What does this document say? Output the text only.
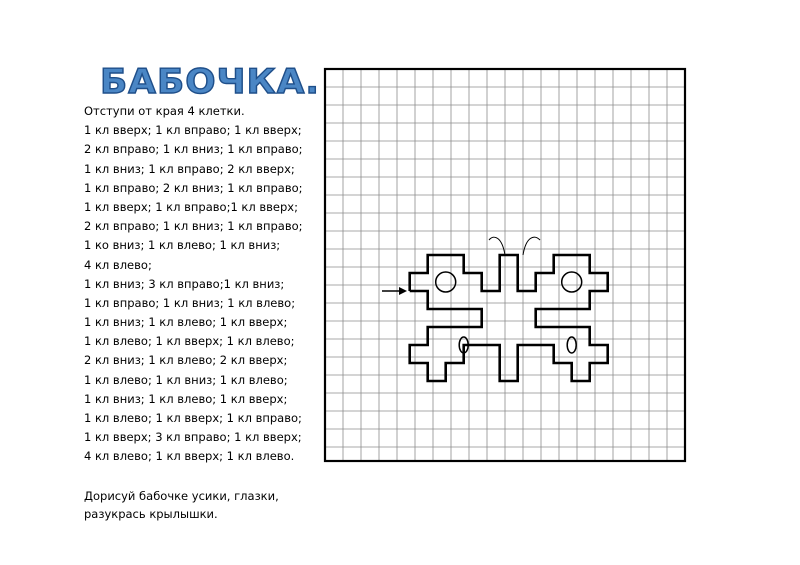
БАБОЧКА.
Отступи от края 4 клетки.
1 кл вверх; 1 кл вправо; 1 кл вверх;
2 кл вправо; 1 кл вниз; 1 кл вправо;
1 кл вниз; 1 кл вправо; 2 кл вверх;
1 кл вправо; 2 кл вниз; 1 кл вправо;
1 кл вверх; 1 кл вправо;1 кл вверх;
2 кл вправо; 1 кл вниз; 1 кл вправо;
1 ко вниз; 1 кл влево; 1 кл вниз;
4 кл влево;
1 кл вниз; 3 кл вправо;1 кл вниз;
1 кл вправо; 1 кл вниз; 1 кл влево;
1 кл вниз; 1 кл влево; 1 кл вверх;
1 кл влево; 1 кл вверх; 1 кл влево;
2 кл вниз; 1 кл влево; 2 кл вверх;
1 кл влево; 1 кл вниз; 1 кл влево;
1 кл вниз; 1 кл влево; 1 кл вверх;
1 кл влево; 1 кл вверх; 1 кл вправо;
1 кл вверх; 3 кл вправо; 1 кл вверх;
4 кл влево; 1 кл вверх; 1 кл влево.
Дорисуй бабочке усики, глазки,
разукрась крылышки.
